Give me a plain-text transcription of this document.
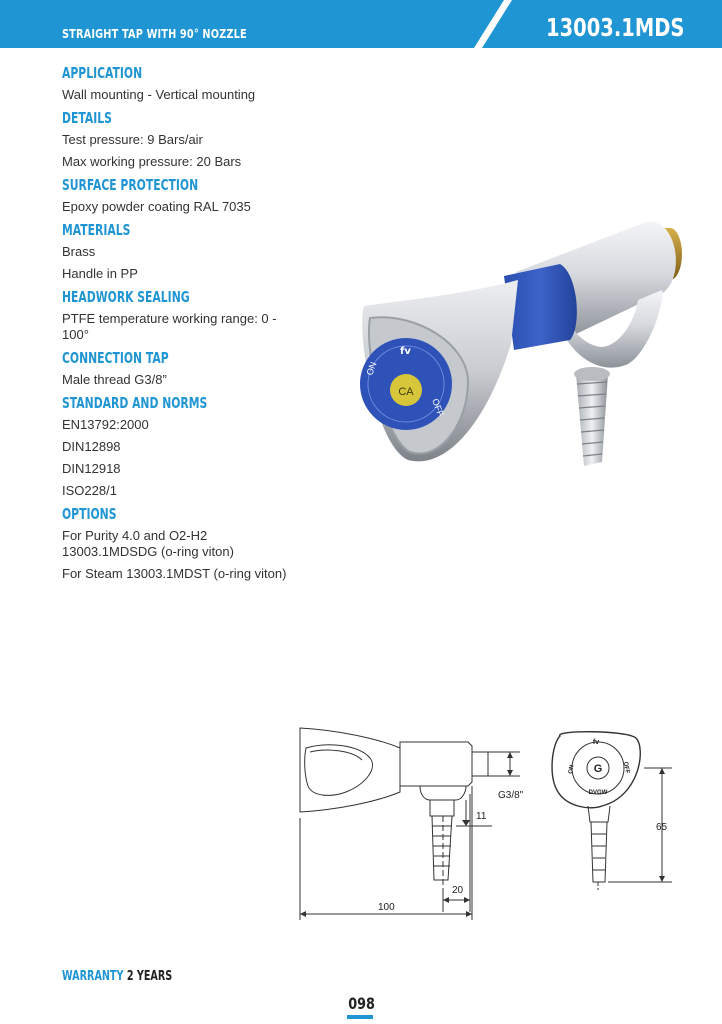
STRAIGHT TAP WITH 90° NOZZLE	13003.1MDS
APPLICATION
Wall mounting - Vertical mounting
DETAILS
Test pressure: 9 Bars/air
Max working pressure: 20 Bars
SURFACE PROTECTION
Epoxy powder coating RAL 7035
MATERIALS
Brass
Handle in PP
HEADWORK SEALING
PTFE temperature working range: 0 - 100°
CONNECTION TAP
Male thread G3/8”
STANDARD AND NORMS
EN13792:2000
DIN12898
DIN12918
ISO228/1
OPTIONS
For Purity 4.0 and O2-H2 13003.1MDSDG (o-ring viton)
For Steam 13003.1MDST (o-ring viton)
CA
ON
OFF
fv
G3/8"
11
20
100
65
G
DVGW
fv
ON	OFF
WARRANTY 2 YEARS
098
